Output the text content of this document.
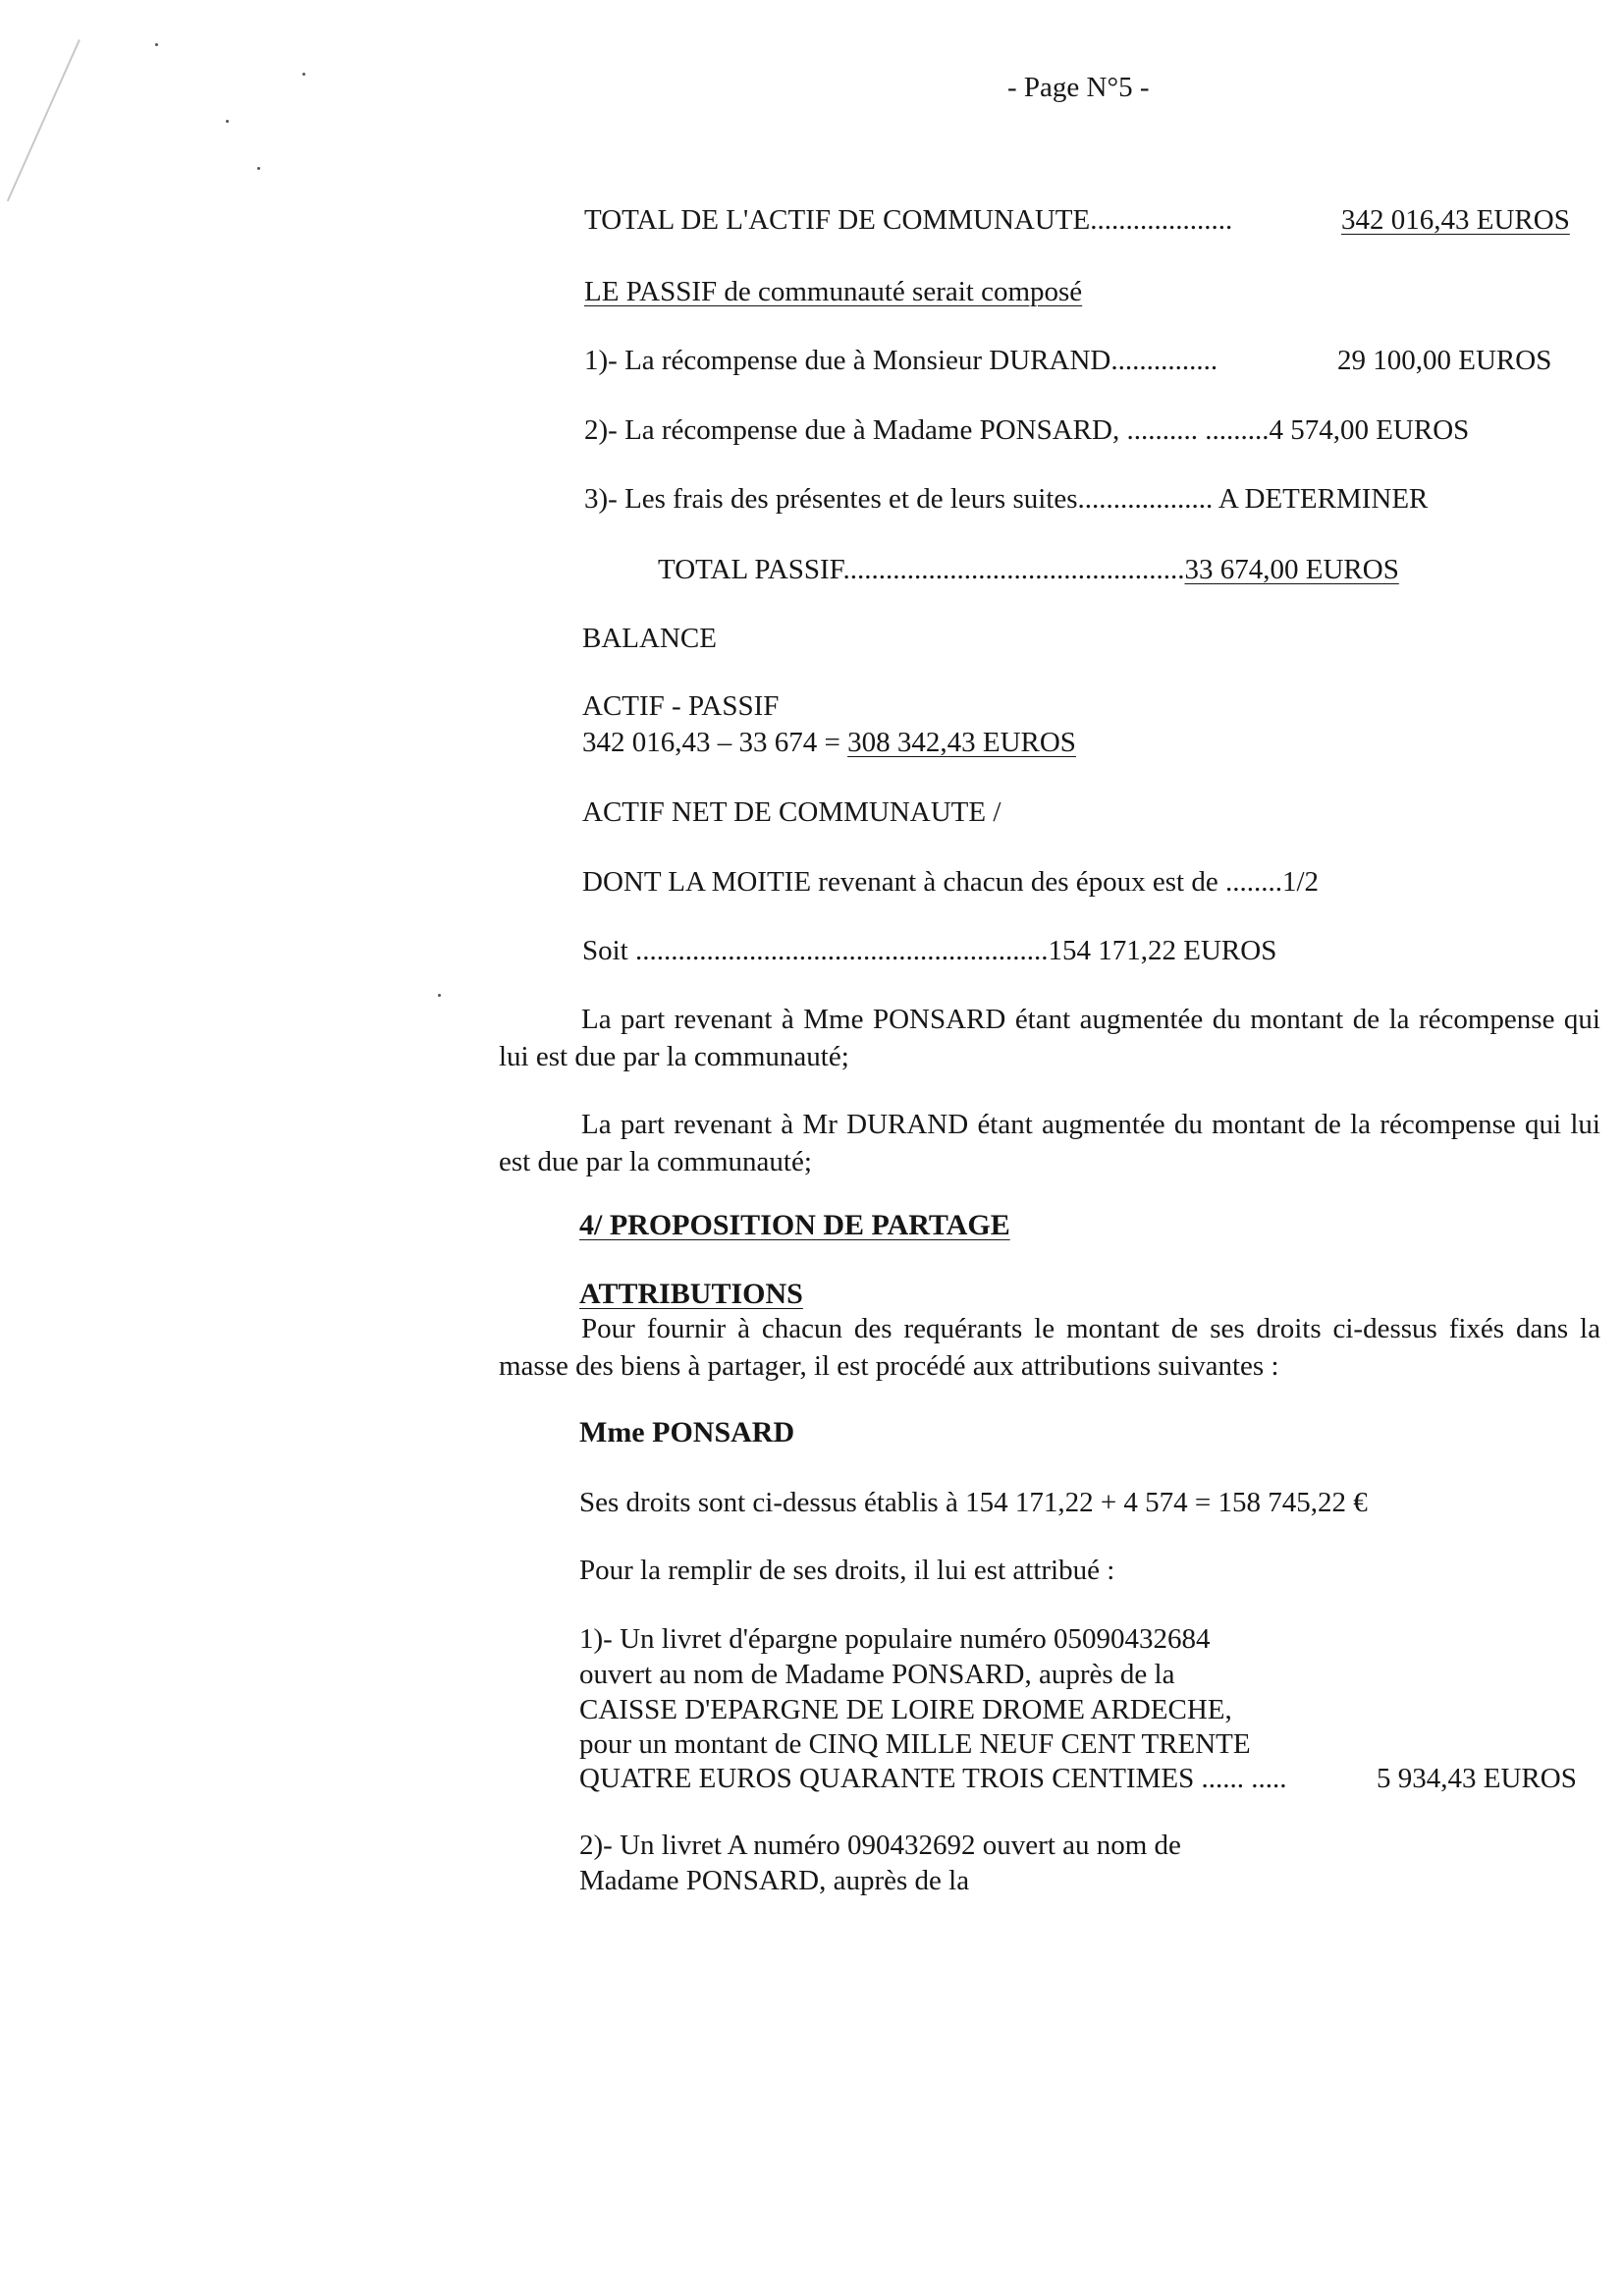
- Page N°5 -
TOTAL DE L'ACTIF DE COMMUNAUTE....................	342 016,43 EUROS
LE PASSIF de communauté serait composé
1)- La récompense due à Monsieur DURAND...............	29 100,00 EUROS
2)- La récompense due à Madame PONSARD, .......... .........4 574,00 EUROS
3)- Les frais des présentes et de leurs suites................... A DETERMINER
TOTAL PASSIF................................................33 674,00 EUROS
BALANCE
ACTIF - PASSIF
342 016,43 – 33 674 = 308 342,43 EUROS
ACTIF NET DE COMMUNAUTE /
DONT LA MOITIE revenant à chacun des époux est de ........1/2
Soit ..........................................................154 171,22 EUROS
La part revenant à Mme PONSARD étant augmentée du montant de la récompense qui lui est due par la communauté;
La part revenant à Mr DURAND étant augmentée du montant de la récompense qui lui est due par la communauté;
4/ PROPOSITION DE PARTAGE
ATTRIBUTIONS
Pour fournir à chacun des requérants le montant de ses droits ci-dessus fixés dans la masse des biens à partager, il est procédé aux attributions suivantes :
Mme PONSARD
Ses droits sont ci-dessus établis à 154 171,22 + 4 574 = 158 745,22 €
Pour la remplir de ses droits, il lui est attribué :
1)- Un livret d'épargne populaire numéro 05090432684
ouvert au nom de Madame PONSARD, auprès de la
CAISSE D'EPARGNE DE LOIRE DROME ARDECHE,
pour un montant de CINQ MILLE NEUF CENT TRENTE
QUATRE EUROS QUARANTE TROIS CENTIMES ...... .....	5 934,43 EUROS
2)- Un livret A numéro 090432692 ouvert au nom de
Madame PONSARD, auprès de la
